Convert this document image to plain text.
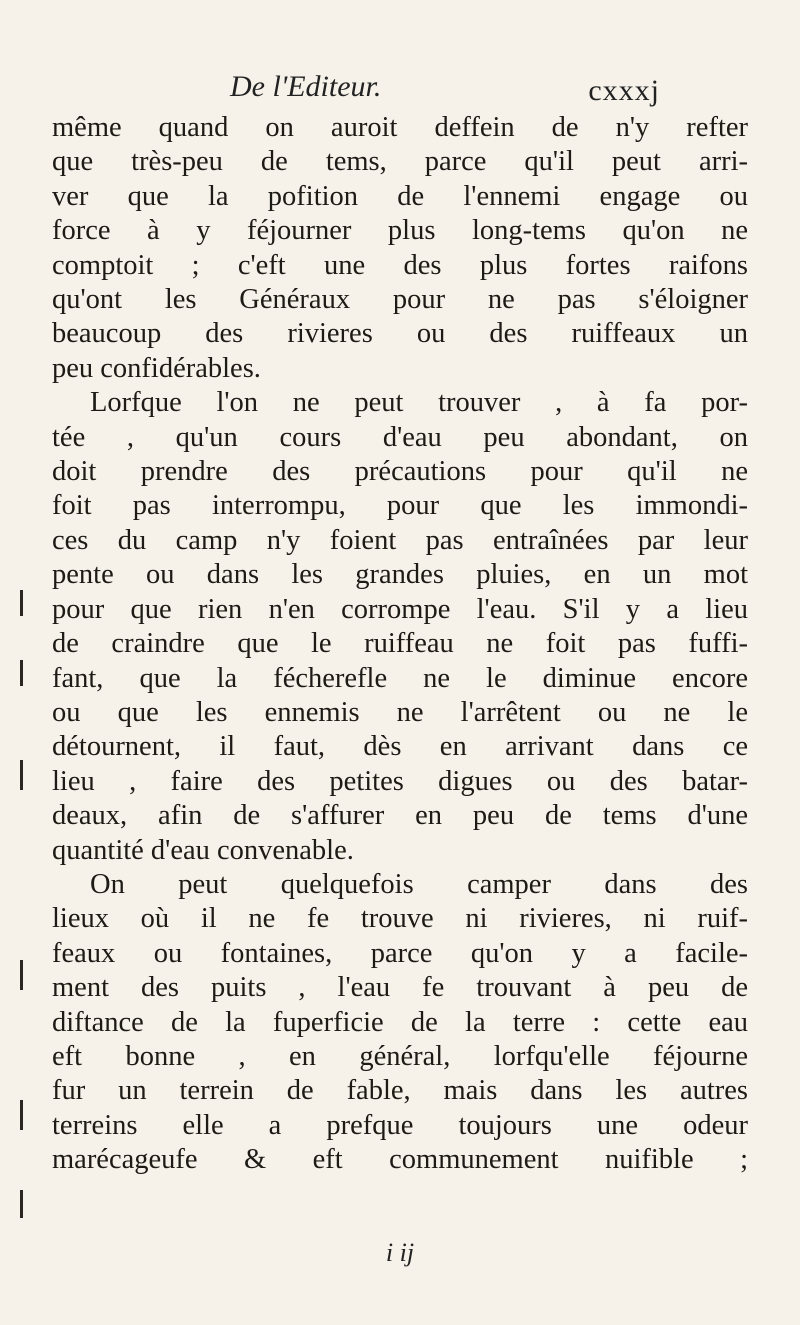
De l'Editeur.	cxxxj
même quand on auroit deffein de n'y refter
que très-peu de tems, parce qu'il peut arri-
ver que la pofition de l'ennemi engage ou
force à y féjourner plus long-tems qu'on ne
comptoit ; c'eft une des plus fortes raifons
qu'ont les Généraux pour ne pas s'éloigner
beaucoup des rivieres ou des ruiffeaux un
peu confidérables.
Lorfque l'on ne peut trouver , à fa por-
tée , qu'un cours d'eau peu abondant, on
doit prendre des précautions pour qu'il ne
foit pas interrompu, pour que les immondi-
ces du camp n'y foient pas entraînées par leur
pente ou dans les grandes pluies, en un mot
pour que rien n'en corrompe l'eau. S'il y a lieu
de craindre que le ruiffeau ne foit pas fuffi-
fant, que la fécherefle ne le diminue encore
ou que les ennemis ne l'arrêtent ou ne le
détournent, il faut, dès en arrivant dans ce
lieu , faire des petites digues ou des batar-
deaux, afin de s'affurer en peu de tems d'une
quantité d'eau convenable.
On peut quelquefois camper dans des
lieux où il ne fe trouve ni rivieres, ni ruif-
feaux ou fontaines, parce qu'on y a facile-
ment des puits , l'eau fe trouvant à peu de
diftance de la fuperficie de la terre : cette eau
eft bonne , en général, lorfqu'elle féjourne
fur un terrein de fable, mais dans les autres
terreins elle a prefque toujours une odeur
marécageufe & eft communement nuifible ;
i ij
